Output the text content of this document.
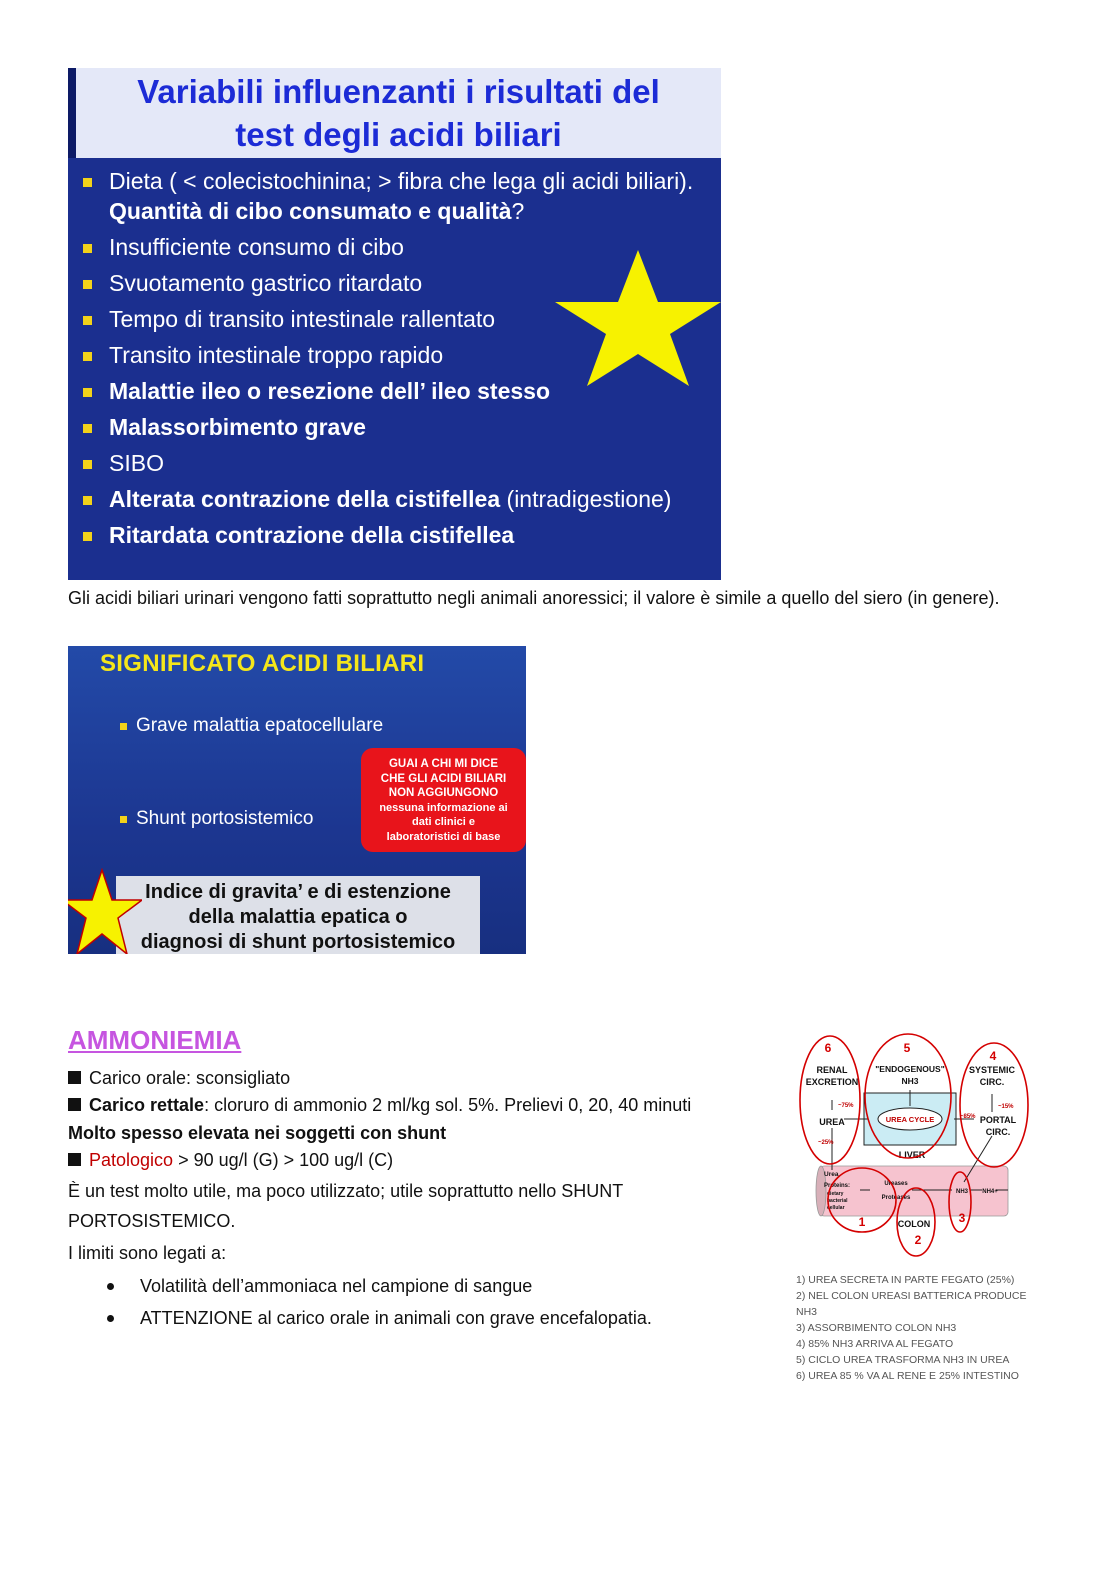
Variabili influenzanti i risultati del
test degli acidi biliari
Dieta ( < colecistochinina; > fibra che lega gli acidi biliari). Quantità di cibo consumato e qualità?
Insufficiente consumo di cibo
Svuotamento gastrico ritardato
Tempo di transito intestinale rallentato
Transito intestinale troppo rapido
Malattie ileo o resezione dell’ ileo stesso
Malassorbimento grave
SIBO
Alterata contrazione della cistifellea (intradigestione)
Ritardata contrazione della cistifellea
Gli acidi biliari urinari vengono fatti soprattutto negli animali anoressici; il valore è simile a quello del siero (in genere).
SIGNIFICATO ACIDI BILIARI
Grave malattia epatocellulare
Shunt portosistemico
GUAI A CHI MI DICE
CHE GLI ACIDI BILIARI
NON AGGIUNGONO
nessuna informazione ai
dati clinici e
laboratoristici di base
Indice di gravita’ e di estenzione
della malattia epatica o
diagnosi di shunt portosistemico
AMMONIEMIA
Carico orale: sconsigliato
Carico rettale: cloruro di ammonio 2 ml/kg sol. 5%. Prelievi 0, 20, 40 minuti
Molto spesso elevata nei soggetti con shunt
Patologico > 90 ug/l (G) > 100 ug/l (C)
È un test molto utile, ma poco utilizzato; utile soprattutto nello SHUNT PORTOSISTEMICO.
I limiti sono legati a:
Volatilità dell’ammoniaca nel campione di sangue
ATTENZIONE al carico orale in animali con grave encefalopatia.
RENAL
EXCRETION
"ENDOGENOUS"
NH3
SYSTEMIC
CIRC.
UREA	UREA CYCLE	PORTAL
CIRC.
LIVER
COLON
~75%
~25%
~85%
~15%
Urea
Proteins:
dietary
bacterial
cellular
Ureases
Proteases
NH3 NH4+
6	5
4
1
2
3
1) UREA SECRETA IN PARTE FEGATO (25%)
2) NEL COLON UREASI BATTERICA PRODUCE
NH3
3) ASSORBIMENTO COLON NH3
4) 85% NH3 ARRIVA AL FEGATO
5) CICLO UREA TRASFORMA NH3 IN UREA
6) UREA 85 % VA AL RENE E 25% INTESTINO
